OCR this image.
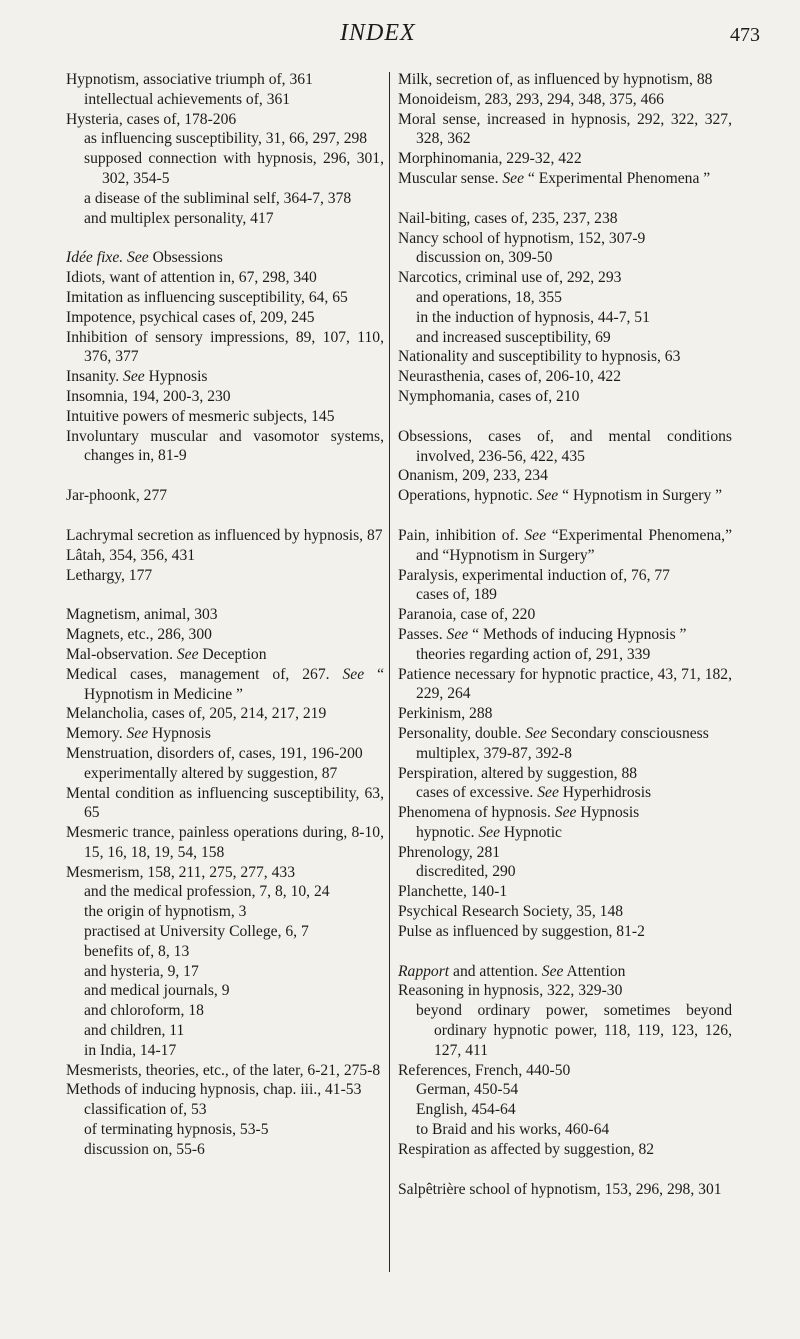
INDEX	473

Hypnotism, associative triumph of, 361

intellectual achievements of, 361

Hysteria, cases of, 178-206

as influencing susceptibility, 31, 66, 297, 298

supposed connection with hypnosis, 296, 301, 302, 354-5

a disease of the subliminal self, 364-7, 378

and multiplex personality, 417

Idée fixe. See Obsessions

Idiots, want of attention in, 67, 298, 340

Imitation as influencing susceptibility, 64, 65

Impotence, psychical cases of, 209, 245

Inhibition of sensory impressions, 89, 107, 110, 376, 377

Insanity. See Hypnosis

Insomnia, 194, 200-3, 230

Intuitive powers of mesmeric subjects, 145

Involuntary muscular and vasomotor systems, changes in, 81-9

Jar-phoonk, 277

Lachrymal secretion as influenced by hypnosis, 87

Lâtah, 354, 356, 431

Lethargy, 177

Magnetism, animal, 303

Magnets, etc., 286, 300

Mal-observation. See Deception

Medical cases, management of, 267. See “ Hypnotism in Medicine ”

Melancholia, cases of, 205, 214, 217, 219

Memory. See Hypnosis

Menstruation, disorders of, cases, 191, 196-200

experimentally altered by suggestion, 87

Mental condition as influencing susceptibility, 63, 65

Mesmeric trance, painless operations during, 8-10, 15, 16, 18, 19, 54, 158

Mesmerism, 158, 211, 275, 277, 433

and the medical profession, 7, 8, 10, 24

the origin of hypnotism, 3

practised at University College, 6, 7

benefits of, 8, 13

and hysteria, 9, 17

and medical journals, 9

and chloroform, 18

and children, 11

in India, 14-17

Mesmerists, theories, etc., of the later, 6-21, 275-8

Methods of inducing hypnosis, chap. iii., 41-53

classification of, 53

of terminating hypnosis, 53-5

discussion on, 55-6

Milk, secretion of, as influenced by hypnotism, 88

Monoideism, 283, 293, 294, 348, 375, 466

Moral sense, increased in hypnosis, 292, 322, 327, 328, 362

Morphinomania, 229-32, 422

Muscular sense. See “ Experimental Phenomena ”

Nail-biting, cases of, 235, 237, 238

Nancy school of hypnotism, 152, 307-9

discussion on, 309-50

Narcotics, criminal use of, 292, 293

and operations, 18, 355

in the induction of hypnosis, 44-7, 51

and increased susceptibility, 69

Nationality and susceptibility to hypnosis, 63

Neurasthenia, cases of, 206-10, 422

Nymphomania, cases of, 210

Obsessions, cases of, and mental conditions involved, 236-56, 422, 435

Onanism, 209, 233, 234

Operations, hypnotic. See “ Hypnotism in Surgery ”

Pain, inhibition of. See “Experimental Phenomena,” and “Hypnotism in Surgery”

Paralysis, experimental induction of, 76, 77

cases of, 189

Paranoia, case of, 220

Passes. See “ Methods of inducing Hypnosis ”

theories regarding action of, 291, 339

Patience necessary for hypnotic practice, 43, 71, 182, 229, 264

Perkinism, 288

Personality, double. See Secondary consciousness

multiplex, 379-87, 392-8

Perspiration, altered by suggestion, 88

cases of excessive. See Hyperhidrosis

Phenomena of hypnosis. See Hypnosis

hypnotic. See Hypnotic

Phrenology, 281

discredited, 290

Planchette, 140-1

Psychical Research Society, 35, 148

Pulse as influenced by suggestion, 81-2

Rapport and attention. See Attention

Reasoning in hypnosis, 322, 329-30

beyond ordinary power, sometimes beyond ordinary hypnotic power, 118, 119, 123, 126, 127, 411

References, French, 440-50

German, 450-54

English, 454-64

to Braid and his works, 460-64

Respiration as affected by suggestion, 82

Salpêtrière school of hypnotism, 153, 296, 298, 301
